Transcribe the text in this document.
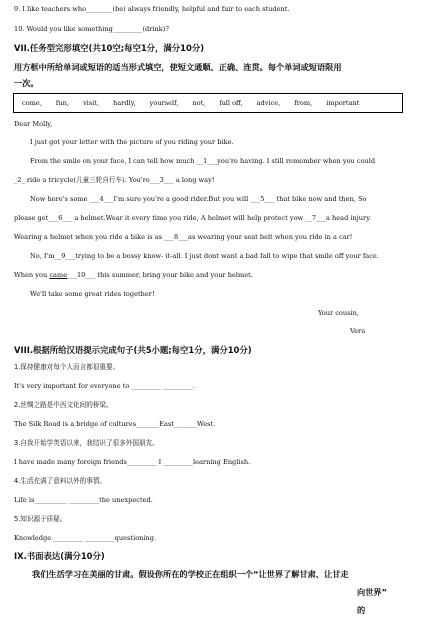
9. I like teachers who________(be) always friendly, helpful and fair to each student.
10. Would you like something_________(drink)?
VII.任务型完形填空(共10空;每空1分，满分10分)
用方框中所给单词或短语的适当形式填空，使短文通顺、正确、连贯。每个单词或短语限用
一次。
come, fun, visit, hardly, yourself, not, fall off, advice, from, important
Dear Molly,
I just got your letter with the picture of you riding your bike.
From the smile on your face, I can tell how much __1___you're having. I still remember when you could
_2_ ride a tricycle(儿童三轮自行车). You're___3___ a long way!
Now here's some ___4___I'm sure you're a good rider.But you will ___5___ that bike now and then, So
please get___6___ a helmet.Wear it every time you ride, A helmet will help protect yow __7___a head injury.
Wearing a helmet when you ride a bike is as ___8___as wearing your seat belt when you ride in a car!
No, I'm__9___trying to be a bossy know- it-all. I just dont want a bad fall to wipe that smile off your face.
When you came___10___ this summer, bring your bike and your helmet.
We'll take some great rides together!
Your cousin,
Vera
VIII.根据所给汉语提示完成句子(共5小题;每空1分，满分10分)
1.保持健康对每个人而言都很重要。
It's very important for everyone to _________ _________.
2.丝绸之路是中西文化间的桥梁。
The Silk Road is a bridge of cultures_______East_______West.
3.自我开始学英语以来，我结识了很多外国朋友。
I have made many foreign friends_________ I _________learning English.
4.生活充满了意料以外的事情。
Life is__________ _________the unexpected.
5.知识源于质疑。
Knowledge _________ _________questioning.
IX.书面表达(满分10分)
我们生活学习在美丽的甘肃。假设你所在的学校正在组织一个“让世界了解甘肃、让甘走
向世界”
的
